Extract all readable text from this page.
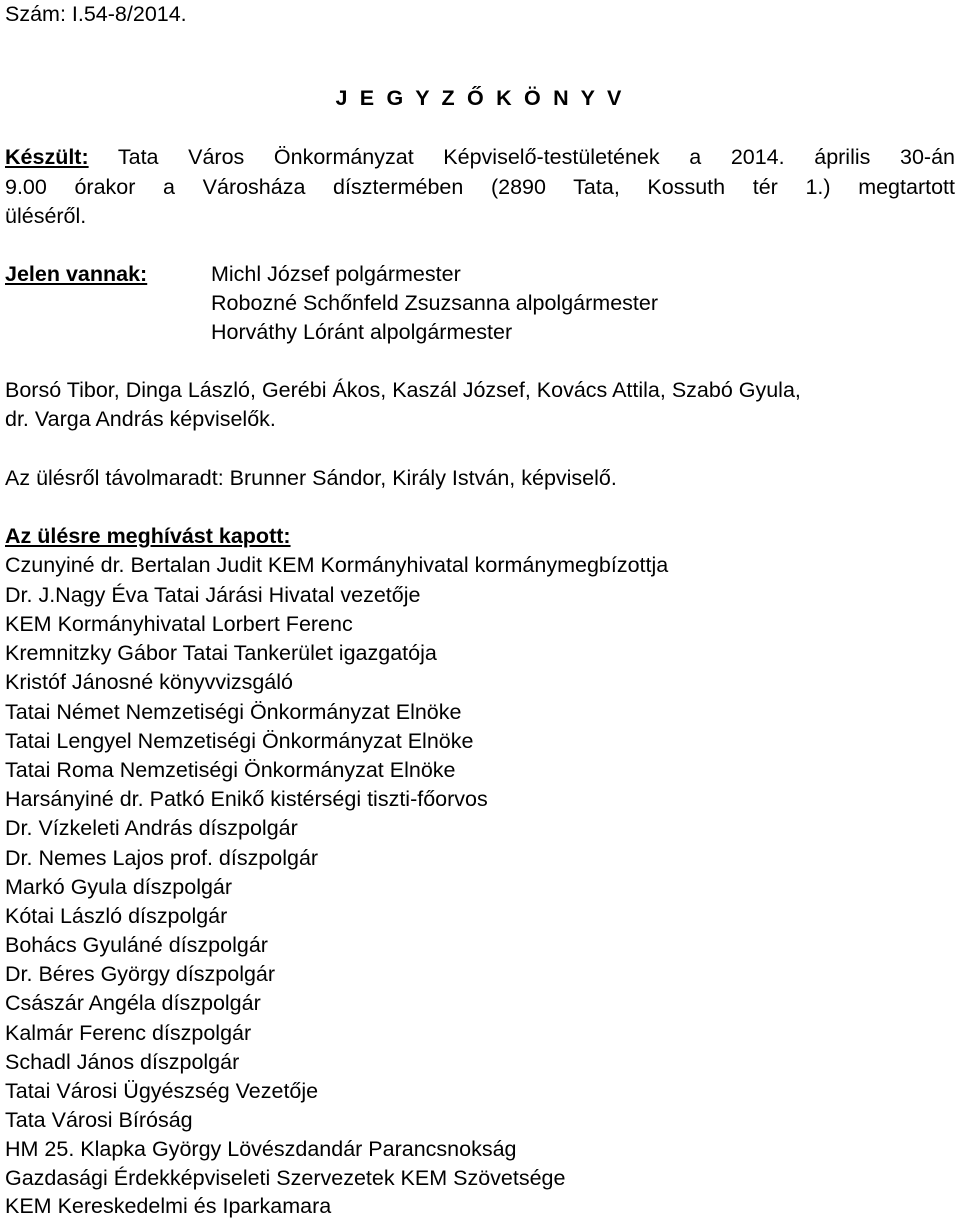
Szám: I.54-8/2014.
J E G Y Z Ő K Ö N Y V
Készült: Tata Város Önkormányzat Képviselő-testületének a 2014. április 30-án
9.00 órakor a Városháza dísztermében (2890 Tata, Kossuth tér 1.) megtartott
üléséről.
Jelen vannak:	Michl József polgármester
Robozné Schőnfeld Zsuzsanna alpolgármester
Horváthy Lóránt alpolgármester
Borsó Tibor, Dinga László, Gerébi Ákos, Kaszál József, Kovács Attila, Szabó Gyula,
dr. Varga András képviselők.
Az ülésről távolmaradt: Brunner Sándor, Király István, képviselő.
Az ülésre meghívást kapott:
Czunyiné dr. Bertalan Judit KEM Kormányhivatal kormánymegbízottja
Dr. J.Nagy Éva Tatai Járási Hivatal vezetője
KEM Kormányhivatal Lorbert Ferenc
Kremnitzky Gábor Tatai Tankerület igazgatója
Kristóf Jánosné könyvvizsgáló
Tatai Német Nemzetiségi Önkormányzat Elnöke
Tatai Lengyel Nemzetiségi Önkormányzat Elnöke
Tatai Roma Nemzetiségi Önkormányzat Elnöke
Harsányiné dr. Patkó Enikő kistérségi tiszti-főorvos
Dr. Vízkeleti András díszpolgár
Dr. Nemes Lajos prof. díszpolgár
Markó Gyula díszpolgár
Kótai László díszpolgár
Bohács Gyuláné díszpolgár
Dr. Béres György díszpolgár
Császár Angéla díszpolgár
Kalmár Ferenc díszpolgár
Schadl János díszpolgár
Tatai Városi Ügyészség Vezetője
Tata Városi Bíróság
HM 25. Klapka György Lövészdandár Parancsnokság
Gazdasági Érdekképviseleti Szervezetek KEM Szövetsége
KEM Kereskedelmi és Iparkamara
